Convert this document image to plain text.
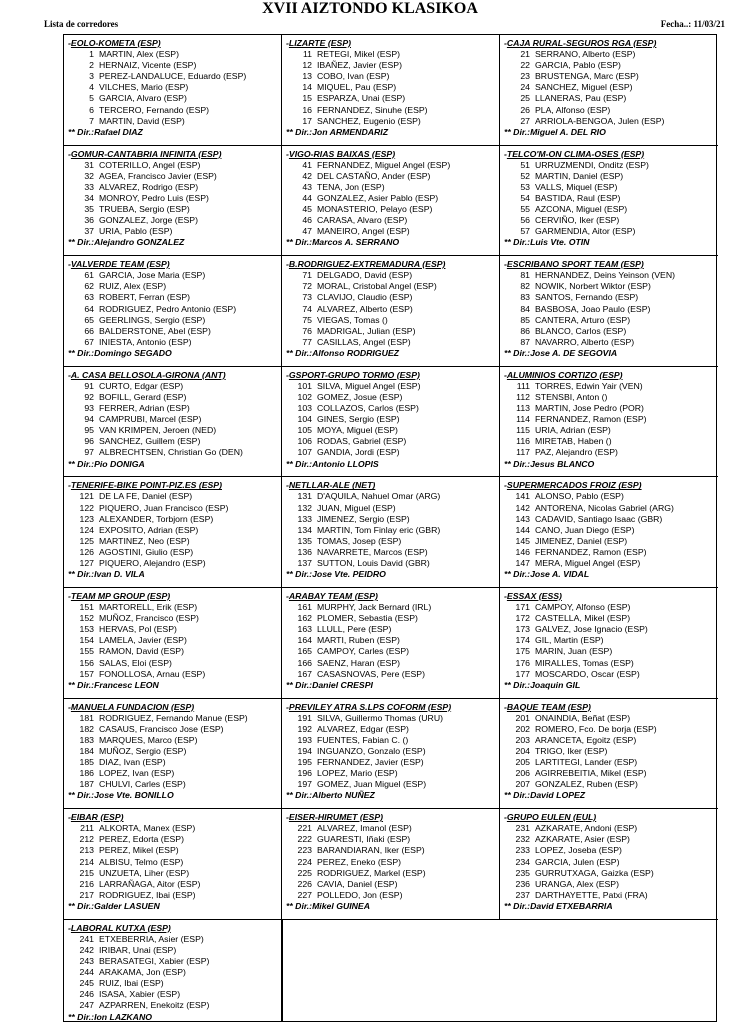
XVII AIZTONDO KLASIKOA
Lista de corredores	Fecha..: 11/03/21
-EOLO-KOMETA (ESP)
1 MARTIN, Alex (ESP)
2 HERNAIZ, Vicente (ESP)
3 PEREZ-LANDALUCE, Eduardo (ESP)
4 VILCHES, Mario (ESP)
5 GARCIA, Alvaro (ESP)
6 TERCERO, Fernando (ESP)
7 MARTIN, David (ESP)
** Dir.:Rafael DIAZ
-LIZARTE (ESP)
11 RETEGI, Mikel (ESP)
12 IBAÑEZ, Javier (ESP)
13 COBO, Ivan (ESP)
14 MIQUEL, Pau (ESP)
15 ESPARZA, Unai (ESP)
16 FERNANDEZ, Sinuhe (ESP)
17 SANCHEZ, Eugenio (ESP)
** Dir.:Jon ARMENDARIZ
-CAJA RURAL-SEGUROS RGA (ESP)
21 SERRANO, Alberto (ESP)
22 GARCIA, Pablo (ESP)
23 BRUSTENGA, Marc (ESP)
24 SANCHEZ, Miguel (ESP)
25 LLANERAS, Pau (ESP)
26 PLA, Alfonso (ESP)
27 ARRIOLA-BENGOA, Julen (ESP)
** Dir.:Miguel A. DEL RIO
-GOMUR-CANTABRIA INFINITA (ESP)
31 COTERILLO, Angel (ESP)
32 AGEA, Francisco Javier (ESP)
33 ALVAREZ, Rodrigo (ESP)
34 MONROY, Pedro Luis (ESP)
35 TRUEBA, Sergio (ESP)
36 GONZALEZ, Jorge (ESP)
37 URIA, Pablo (ESP)
** Dir.:Alejandro GONZALEZ
-VIGO-RIAS BAIXAS (ESP)
41 FERNANDEZ, Miguel Angel (ESP)
42 DEL CASTAÑO, Ander (ESP)
43 TENA, Jon (ESP)
44 GONZALEZ, Asier Pablo (ESP)
45 MONASTERIO, Pelayo (ESP)
46 CARASA, Alvaro (ESP)
47 MANEIRO, Angel (ESP)
** Dir.:Marcos A. SERRANO
-TELCO'M-ON CLIMA-OSES (ESP)
51 URRUZMENDI, Onditz (ESP)
52 MARTIN, Daniel (ESP)
53 VALLS, Miquel (ESP)
54 BASTIDA, Raul (ESP)
55 AZCONA, Miguel (ESP)
56 CERVIÑO, Iker (ESP)
57 GARMENDIA, Aitor (ESP)
** Dir.:Luis Vte. OTIN
-VALVERDE TEAM (ESP)
61 GARCIA, Jose Maria (ESP)
62 RUIZ, Alex (ESP)
63 ROBERT, Ferran (ESP)
64 RODRIGUEZ, Pedro Antonio (ESP)
65 GEERLINGS, Sergio (ESP)
66 BALDERSTONE, Abel (ESP)
67 INIESTA, Antonio (ESP)
** Dir.:Domingo SEGADO
-B.RODRIGUEZ-EXTREMADURA (ESP)
71 DELGADO, David (ESP)
72 MORAL, Cristobal Angel (ESP)
73 CLAVIJO, Claudio (ESP)
74 ALVAREZ, Alberto (ESP)
75 VIEGAS, Tomas ()
76 MADRIGAL, Julian (ESP)
77 CASILLAS, Angel (ESP)
** Dir.:Alfonso RODRIGUEZ
-ESCRIBANO SPORT TEAM (ESP)
81 HERNANDEZ, Deins Yeinson (VEN)
82 NOWIK, Norbert Wiktor (ESP)
83 SANTOS, Fernando (ESP)
84 BASBOSA, Joao Paulo (ESP)
85 CANTERA, Arturo (ESP)
86 BLANCO, Carlos (ESP)
87 NAVARRO, Alberto (ESP)
** Dir.:Jose A. DE SEGOVIA
-A. CASA BELLOSOLA-GIRONA (ANT)
91 CURTO, Edgar (ESP)
92 BOFILL, Gerard (ESP)
93 FERRER, Adrian (ESP)
94 CAMPRUBI, Marcel (ESP)
95 VAN KRIMPEN, Jeroen (NED)
96 SANCHEZ, Guillem (ESP)
97 ALBRECHTSEN, Christian Go (DEN)
** Dir.:Pio DONIGA
-GSPORT-GRUPO TORMO (ESP)
101 SILVA, Miguel Angel (ESP)
102 GOMEZ, Josue (ESP)
103 COLLAZOS, Carlos (ESP)
104 GINES, Sergio (ESP)
105 MOYA, Miguel (ESP)
106 RODAS, Gabriel (ESP)
107 GANDIA, Jordi (ESP)
** Dir.:Antonio LLOPIS
-ALUMINIOS CORTIZO (ESP)
111 TORRES, Edwin Yair (VEN)
112 STENSBI, Anton ()
113 MARTIN, Jose Pedro (POR)
114 FERNANDEZ, Ramon (ESP)
115 URIA, Adrian (ESP)
116 MIRETAB, Haben ()
117 PAZ, Alejandro (ESP)
** Dir.:Jesus BLANCO
-TENERIFE-BIKE POINT-PIZ.ES (ESP)
121 DE LA FE, Daniel (ESP)
122 PIQUERO, Juan Francisco (ESP)
123 ALEXANDER, Torbjorn (ESP)
124 EXPOSITO, Adrian (ESP)
125 MARTINEZ, Neo (ESP)
126 AGOSTINI, Giulio (ESP)
127 PIQUERO, Alejandro (ESP)
** Dir.:Ivan D. VILA
-NETLLAR-ALE (NET)
131 D'AQUILA, Nahuel Omar (ARG)
132 JUAN, Miguel (ESP)
133 JIMENEZ, Sergio (ESP)
134 MARTIN, Tom Finlay eric (GBR)
135 TOMAS, Josep (ESP)
136 NAVARRETE, Marcos (ESP)
137 SUTTON, Louis David (GBR)
** Dir.:Jose Vte. PEIDRO
-SUPERMERCADOS FROIZ (ESP)
141 ALONSO, Pablo (ESP)
142 ANTORENA, Nicolas Gabriel (ARG)
143 CADAVID, Santiago Isaac (GBR)
144 CANO, Juan Diego (ESP)
145 JIMENEZ, Daniel (ESP)
146 FERNANDEZ, Ramon (ESP)
147 MERA, Miguel Angel (ESP)
** Dir.:Jose A. VIDAL
-TEAM MP GROUP (ESP)
151 MARTORELL, Erik (ESP)
152 MUÑOZ, Francisco (ESP)
153 HERVAS, Pol (ESP)
154 LAMELA, Javier (ESP)
155 RAMON, David (ESP)
156 SALAS, Eloi (ESP)
157 FONOLLOSA, Arnau (ESP)
** Dir.:Francesc LEON
-ARABAY TEAM (ESP)
161 MURPHY, Jack Bernard (IRL)
162 PLOMER, Sebastia (ESP)
163 LLULL, Pere (ESP)
164 MARTI, Ruben (ESP)
165 CAMPOY, Carles (ESP)
166 SAENZ, Haran (ESP)
167 CASASNOVAS, Pere (ESP)
** Dir.:Daniel CRESPI
-ESSAX (ESS)
171 CAMPOY, Alfonso (ESP)
172 CASTELLA, Mikel (ESP)
173 GALVEZ, Jose Ignacio (ESP)
174 GIL, Martin (ESP)
175 MARIN, Juan (ESP)
176 MIRALLES, Tomas (ESP)
177 MOSCARDO, Oscar (ESP)
** Dir.:Joaquin GIL
-MANUELA FUNDACION (ESP)
181 RODRIGUEZ, Fernando Manue (ESP)
182 CASAUS, Francisco Jose (ESP)
183 MARQUES, Marco (ESP)
184 MUÑOZ, Sergio (ESP)
185 DIAZ, Ivan (ESP)
186 LOPEZ, Ivan (ESP)
187 CHULVI, Carles (ESP)
** Dir.:Jose Vte. BONILLO
-PREVILEY ATRA S.LPS COFORM (ESP)
191 SILVA, Guillermo Thomas (URU)
192 ALVAREZ, Edgar (ESP)
193 FUENTES, Fabian C. ()
194 INGUANZO, Gonzalo (ESP)
195 FERNANDEZ, Javier (ESP)
196 LOPEZ, Mario (ESP)
197 GOMEZ, Juan Miguel (ESP)
** Dir.:Alberto NUÑEZ
-BAQUE TEAM (ESP)
201 ONAINDIA, Beñat (ESP)
202 ROMERO, Fco. De borja (ESP)
203 ARANCETA, Egoitz (ESP)
204 TRIGO, Iker (ESP)
205 LARTITEGI, Lander (ESP)
206 AGIRREBEITIA, Mikel (ESP)
207 GONZALEZ, Ruben (ESP)
** Dir.:David LOPEZ
-EIBAR (ESP)
211 ALKORTA, Manex (ESP)
212 PEREZ, Edorta (ESP)
213 PEREZ, Mikel (ESP)
214 ALBISU, Telmo (ESP)
215 UNZUETA, Liher (ESP)
216 LARRAÑAGA, Aitor (ESP)
217 RODRIGUEZ, Ibai (ESP)
** Dir.:Galder LASUEN
-EISER-HIRUMET (ESP)
221 ALVAREZ, Imanol (ESP)
222 GUARESTI, Iñaki (ESP)
223 BARANDIARAN, Iker (ESP)
224 PEREZ, Eneko (ESP)
225 RODRIGUEZ, Markel (ESP)
226 CAVIA, Daniel (ESP)
227 POLLEDO, Jon (ESP)
** Dir.:Mikel GUINEA
-GRUPO EULEN (EUL)
231 AZKARATE, Andoni (ESP)
232 AZKARATE, Asier (ESP)
233 LOPEZ, Joseba (ESP)
234 GARCIA, Julen (ESP)
235 GURRUTXAGA, Gaizka (ESP)
236 URANGA, Alex (ESP)
237 DARTHAYETTE, Patxi (FRA)
** Dir.:David ETXEBARRIA
-LABORAL KUTXA (ESP)
241 ETXEBERRIA, Asier (ESP)
242 IRIBAR, Unai (ESP)
243 BERASATEGI, Xabier (ESP)
244 ARAKAMA, Jon (ESP)
245 RUIZ, Ibai (ESP)
246 ISASA, Xabier (ESP)
247 AZPARREN, Enekoitz (ESP)
** Dir.:Ion LAZKANO
